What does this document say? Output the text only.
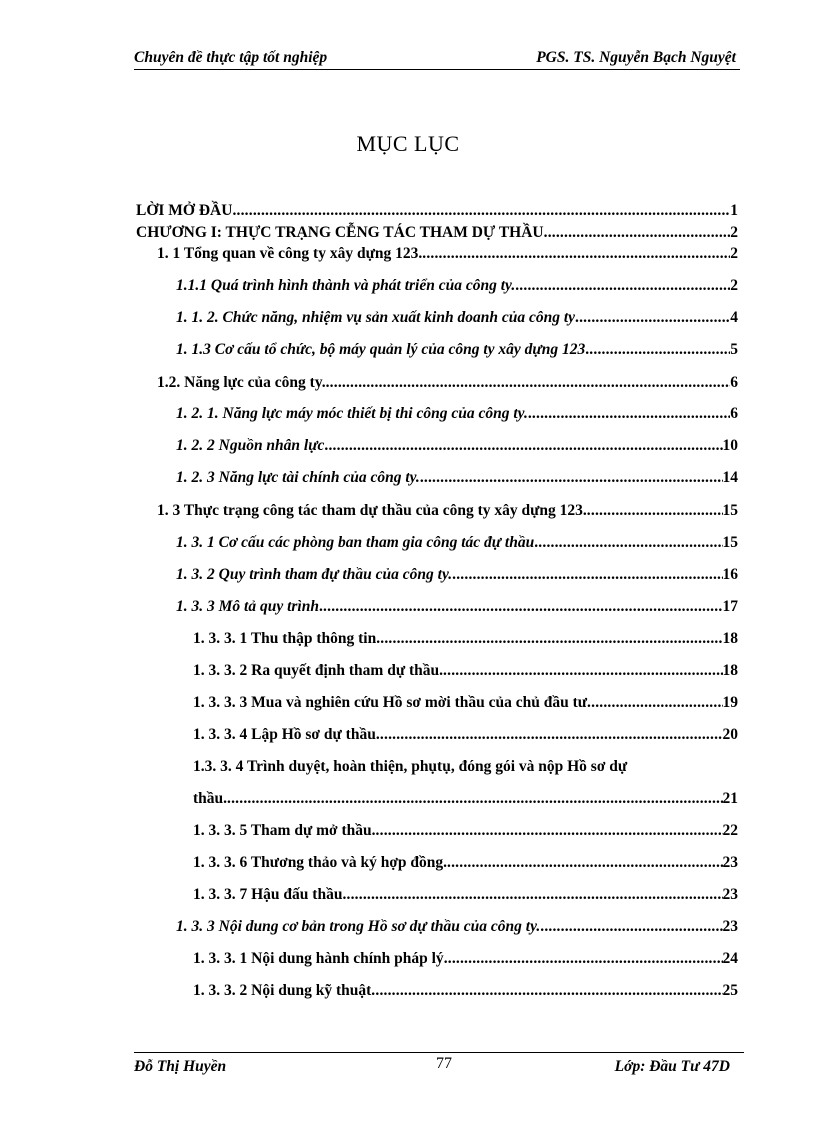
Chuyên đề thực tập tốt nghiệp	PGS. TS. Nguyễn Bạch Nguyệt
MỤC LỤC
LỜI MỞ ĐẦU .....	1
CHƯƠNG I: THỰC TRẠNG CỄNG TÁC THAM DỰ THẦU .....	2
1. 1 Tổng quan về công ty xây dựng 123. .....	2
1.1.1 Quá trình hình thành và phát triển của công ty. .....	2
1. 1. 2. Chức năng, nhiệm vụ sản xuất kinh doanh của công ty .....	4
1. 1.3 Cơ cấu tổ chức, bộ máy quản lý của công ty xây dựng 123 .....	5
1.2. Năng lực của công ty. .....	6
1. 2. 1. Năng lực máy móc thiết bị thi công của công ty. .....	6
1. 2. 2 Nguồn nhân lực .....	10
1. 2. 3 Năng lực tài chính của công ty. .....	14
1. 3 Thực trạng công tác tham dự thầu của công ty xây dựng 123. .....	15
1. 3. 1 Cơ cấu các phòng ban tham gia công tác đự thầu .....	15
1. 3. 2 Quy trình tham đự thầu của công ty. .....	16
1. 3. 3 Mô tả quy trình .....	17
1. 3. 3. 1 Thu thập thông tin .....	18
1. 3. 3. 2 Ra quyết định tham dự thầu. .....	18
1. 3. 3. 3 Mua và nghiên cứu Hồ sơ mời thầu của chủ đầu tư .....	19
1. 3. 3. 4 Lập Hồ sơ dự thầu .....	20
1.3. 3. 4 Trình duyệt, hoàn thiện, phụtụ, đóng gói và nộp Hồ sơ dự
thầu. .....	21
1. 3. 3. 5 Tham dự mở thầu. .....	22
1. 3. 3. 6 Thương thảo và ký hợp đồng. .....	23
1. 3. 3. 7 Hậu đấu thầu .....	23
1. 3. 3 Nội dung cơ bản trong Hồ sơ dự thầu của công ty. .....	23
1. 3. 3. 1 Nội dung hành chính pháp lý .....	24
1. 3. 3. 2 Nội dung kỹ thuật .....	25
Đỗ Thị Huyền	77	Lớp: Đầu Tư 47D
